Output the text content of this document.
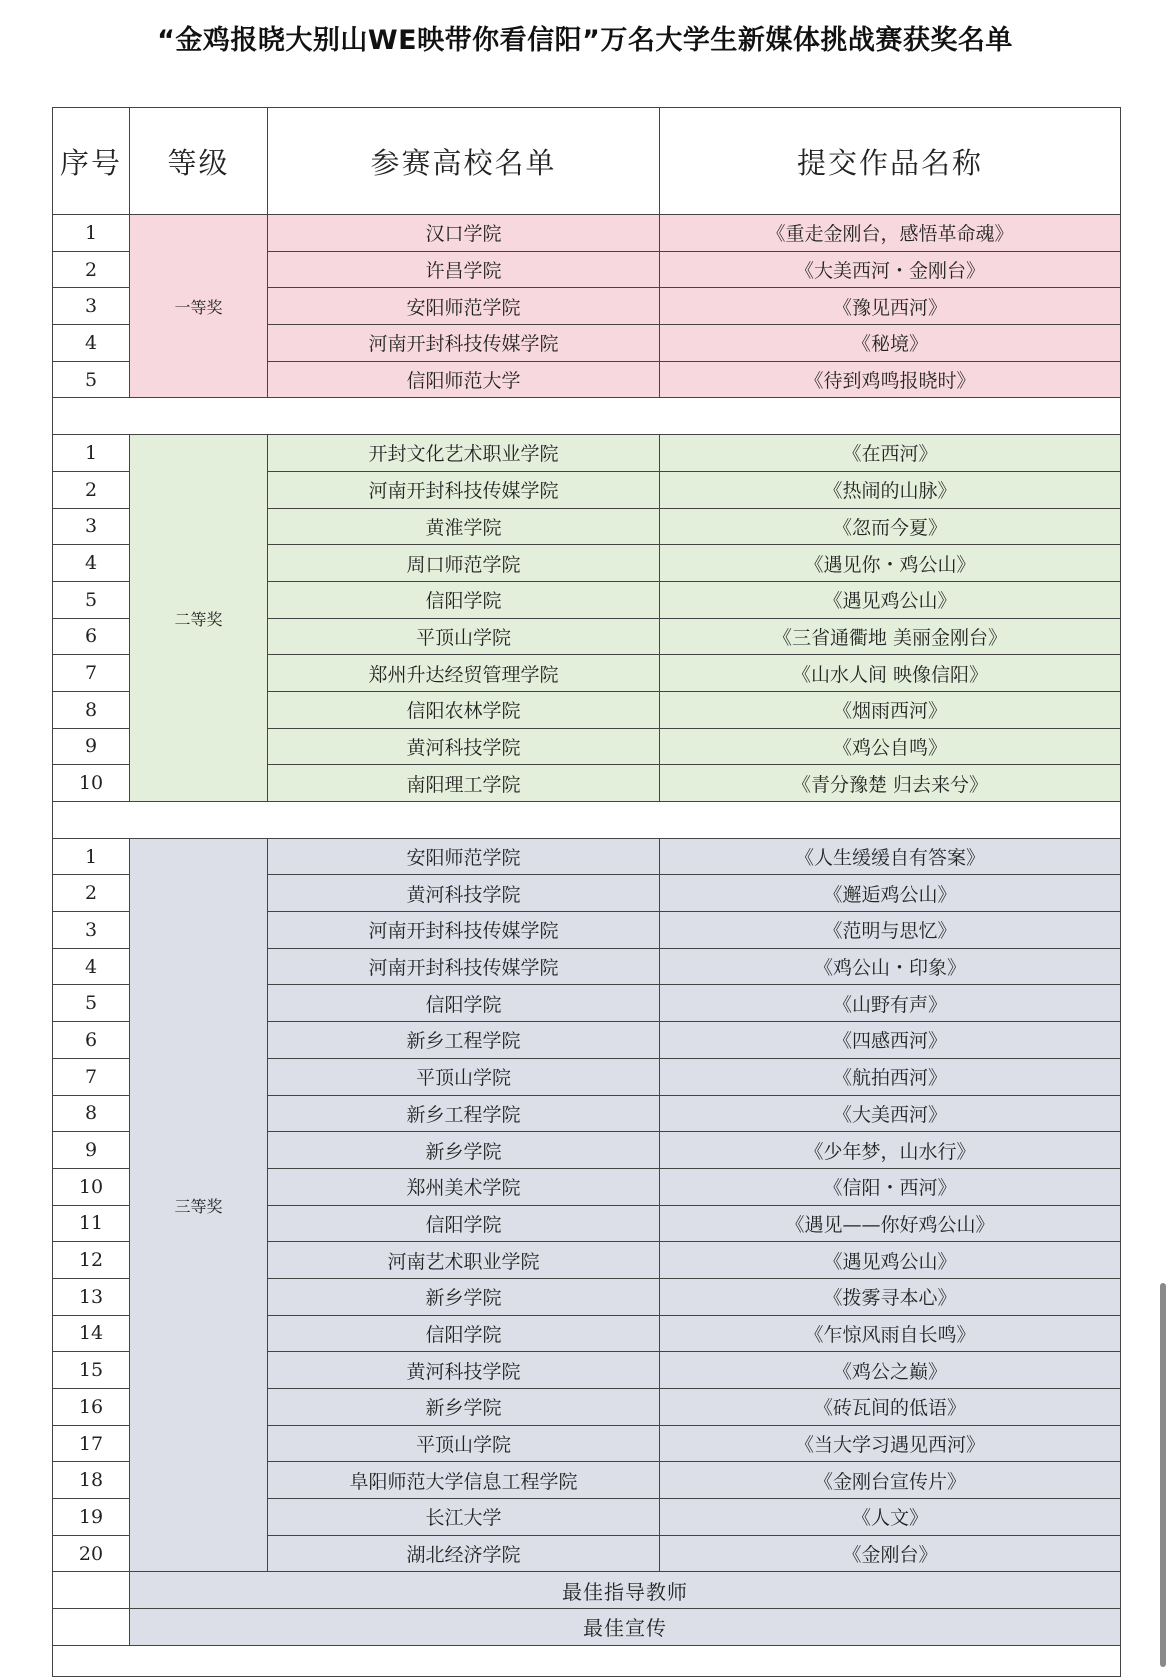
“金鸡报晓大别山WE映带你看信阳”万名大学生新媒体挑战赛获奖名单
序号	等级	参赛高校名单	提交作品名称
1	一等奖	汉口学院	《重走金刚台，感悟革命魂》
2		许昌学院	《大美西河・金刚台》
3		安阳师范学院	《豫见西河》
4		河南开封科技传媒学院	《秘境》
5		信阳师范大学	《待到鸡鸣报晓时》

1	二等奖	开封文化艺术职业学院	《在西河》
2		河南开封科技传媒学院	《热闹的山脉》
3		黄淮学院	《忽而今夏》
4		周口师范学院	《遇见你・鸡公山》
5		信阳学院	《遇见鸡公山》
6		平顶山学院	《三省通衢地 美丽金刚台》
7		郑州升达经贸管理学院	《山水人间 映像信阳》
8		信阳农林学院	《烟雨西河》
9		黄河科技学院	《鸡公自鸣》
10		南阳理工学院	《青分豫楚 归去来兮》

1	三等奖	安阳师范学院	《人生缓缓自有答案》
2		黄河科技学院	《邂逅鸡公山》
3		河南开封科技传媒学院	《范明与思忆》
4		河南开封科技传媒学院	《鸡公山・印象》
5		信阳学院	《山野有声》
6		新乡工程学院	《四感西河》
7		平顶山学院	《航拍西河》
8		新乡工程学院	《大美西河》
9		新乡学院	《少年梦，山水行》
10		郑州美术学院	《信阳・西河》
11		信阳学院	《遇见——你好鸡公山》
12		河南艺术职业学院	《遇见鸡公山》
13		新乡学院	《拨雾寻本心》
14		信阳学院	《乍惊风雨自长鸣》
15		黄河科技学院	《鸡公之巅》
16		新乡学院	《砖瓦间的低语》
17		平顶山学院	《当大学习遇见西河》
18		阜阳师范大学信息工程学院	《金刚台宣传片》
19		长江大学	《人文》
20		湖北经济学院	《金刚台》
	最佳指导教师		
	最佳宣传		
